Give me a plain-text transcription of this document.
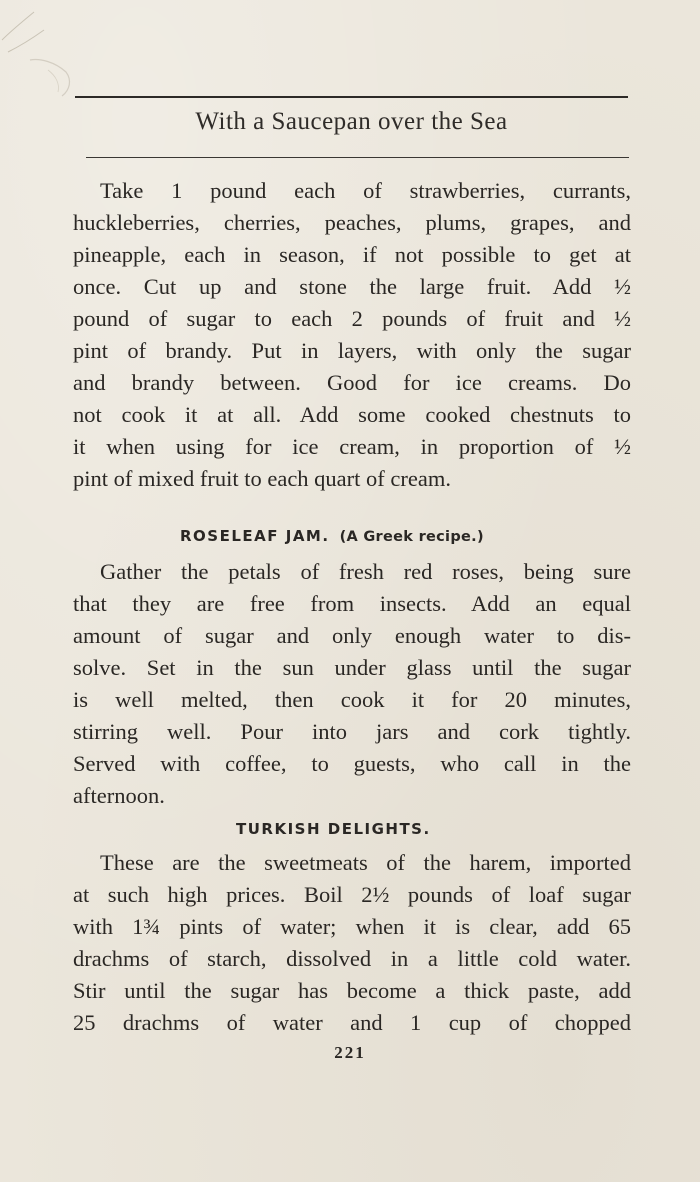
With a Saucepan over the Sea
Take 1 pound each of strawberries, currants,
huckleberries, cherries, peaches, plums, grapes, and
pineapple, each in season, if not possible to get at
once. Cut up and stone the large fruit. Add ½
pound of sugar to each 2 pounds of fruit and ½
pint of brandy. Put in layers, with only the sugar
and brandy between. Good for ice creams. Do
not cook it at all. Add some cooked chestnuts to
it when using for ice cream, in proportion of ½
pint of mixed fruit to each quart of cream.
ROSELEAF JAM. (A Greek recipe.)
Gather the petals of fresh red roses, being sure
that they are free from insects. Add an equal
amount of sugar and only enough water to dis-
solve. Set in the sun under glass until the sugar
is well melted, then cook it for 20 minutes,
stirring well. Pour into jars and cork tightly.
Served with coffee, to guests, who call in the
afternoon.
TURKISH DELIGHTS.
These are the sweetmeats of the harem, imported
at such high prices. Boil 2½ pounds of loaf sugar
with 1¾ pints of water; when it is clear, add 65
drachms of starch, dissolved in a little cold water.
Stir until the sugar has become a thick paste, add
25 drachms of water and 1 cup of chopped
221
